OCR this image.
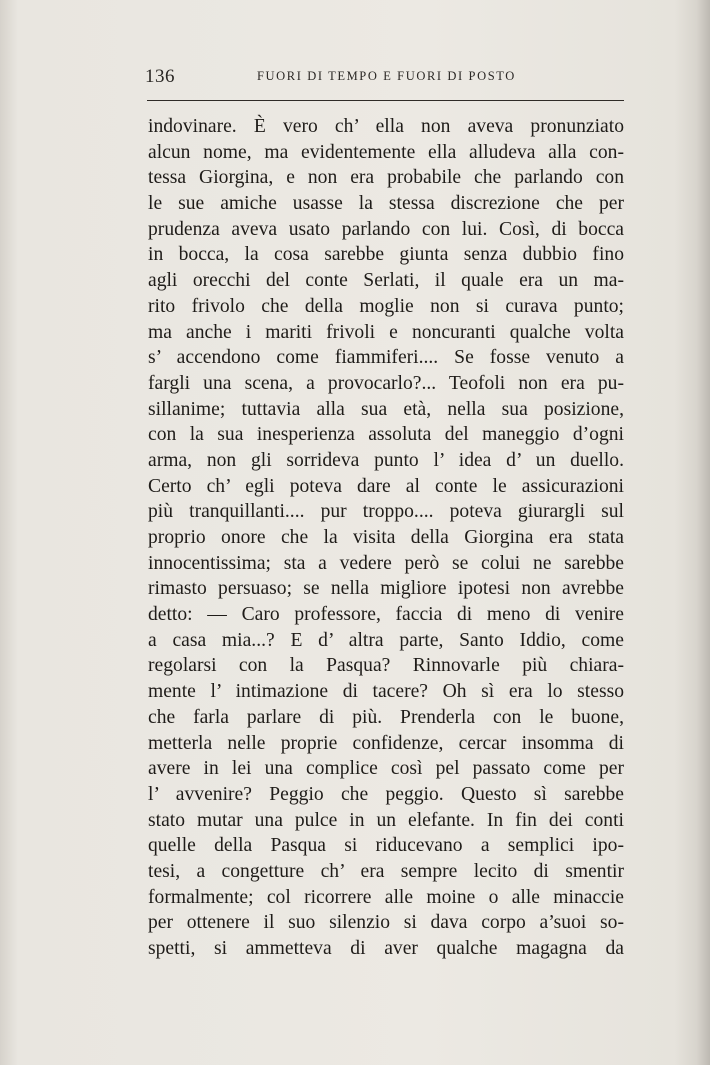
136	FUORI DI TEMPO E FUORI DI POSTO
indovinare. È vero ch’ ella non aveva pronunziato
alcun nome, ma evidentemente ella alludeva alla con-
tessa Giorgina, e non era probabile che parlando con
le sue amiche usasse la stessa discrezione che per
prudenza aveva usato parlando con lui. Così, di bocca
in bocca, la cosa sarebbe giunta senza dubbio fino
agli orecchi del conte Serlati, il quale era un ma-
rito frivolo che della moglie non si curava punto;
ma anche i mariti frivoli e noncuranti qualche volta
s’ accendono come fiammiferi.... Se fosse venuto a
fargli una scena, a provocarlo?... Teofoli non era pu-
sillanime; tuttavia alla sua età, nella sua posizione,
con la sua inesperienza assoluta del maneggio d’ogni
arma, non gli sorrideva punto l’ idea d’ un duello.
Certo ch’ egli poteva dare al conte le assicurazioni
più tranquillanti.... pur troppo.... poteva giurargli sul
proprio onore che la visita della Giorgina era stata
innocentissima; sta a vedere però se colui ne sarebbe
rimasto persuaso; se nella migliore ipotesi non avrebbe
detto: — Caro professore, faccia di meno di venire
a casa mia...? E d’ altra parte, Santo Iddio, come
regolarsi con la Pasqua? Rinnovarle più chiara-
mente l’ intimazione di tacere? Oh sì era lo stesso
che farla parlare di più. Prenderla con le buone,
metterla nelle proprie confidenze, cercar insomma di
avere in lei una complice così pel passato come per
l’ avvenire? Peggio che peggio. Questo sì sarebbe
stato mutar una pulce in un elefante. In fin dei conti
quelle della Pasqua si riducevano a semplici ipo-
tesi, a congetture ch’ era sempre lecito di smentir
formalmente; col ricorrere alle moine o alle minaccie
per ottenere il suo silenzio si dava corpo a’suoi so-
spetti, si ammetteva di aver qualche magagna da
